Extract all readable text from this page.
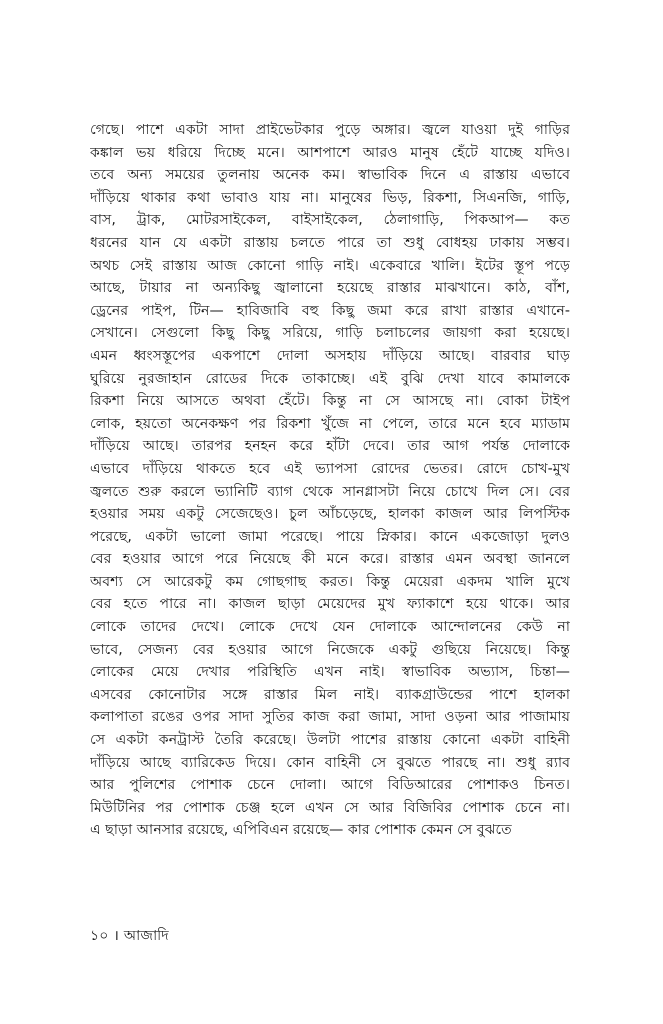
গেছে। পাশে একটা সাদা প্রাইভেটকার পুড়ে অঙ্গার। জ্বলে যাওয়া দুই গাড়ির
কঙ্কাল ভয় ধরিয়ে দিচ্ছে মনে। আশপাশে আরও মানুষ হেঁটে যাচ্ছে যদিও।
তবে অন্য সময়ের তুলনায় অনেক কম। স্বাভাবিক দিনে এ রাস্তায় এভাবে
দাঁড়িয়ে থাকার কথা ভাবাও যায় না। মানুষের ভিড়, রিকশা, সিএনজি, গাড়ি,
বাস, ট্রাক, মোটরসাইকেল, বাইসাইকেল, ঠেলাগাড়ি, পিকআপ— কত
ধরনের যান যে একটা রাস্তায় চলতে পারে তা শুধু বোধহয় ঢাকায় সম্ভব।
অথচ সেই রাস্তায় আজ কোনো গাড়ি নাই। একেবারে খালি। ইটের স্তূপ পড়ে
আছে, টায়ার না অন্যকিছু জ্বালানো হয়েছে রাস্তার মাঝখানে। কাঠ, বাঁশ,
ড্রেনের পাইপ, টিন— হাবিজাবি বহু কিছু জমা করে রাখা রাস্তার এখানে-
সেখানে। সেগুলো কিছু কিছু সরিয়ে, গাড়ি চলাচলের জায়গা করা হয়েছে।
এমন ধ্বংসস্তূপের একপাশে দোলা অসহায় দাঁড়িয়ে আছে। বারবার ঘাড়
ঘুরিয়ে নুরজাহান রোডের দিকে তাকাচ্ছে। এই বুঝি দেখা যাবে কামালকে
রিকশা নিয়ে আসতে অথবা হেঁটে। কিন্তু না সে আসছে না। বোকা টাইপ
লোক, হয়তো অনেকক্ষণ পর রিকশা খুঁজে না পেলে, তারে মনে হবে ম্যাডাম
দাঁড়িয়ে আছে। তারপর হনহন করে হাঁটা দেবে। তার আগ পর্যন্ত দোলাকে
এভাবে দাঁড়িয়ে থাকতে হবে এই ভ্যাপসা রোদের ভেতর। রোদে চোখ-মুখ
জ্বলতে শুরু করলে ভ্যানিটি ব্যাগ থেকে সানগ্লাসটা নিয়ে চোখে দিল সে। বের
হওয়ার সময় একটু সেজেছেও। চুল আঁচড়েছে, হালকা কাজল আর লিপস্টিক
পরেছে, একটা ভালো জামা পরেছে। পায়ে স্নিকার। কানে একজোড়া দুলও
বের হওয়ার আগে পরে নিয়েছে কী মনে করে। রাস্তার এমন অবস্থা জানলে
অবশ্য সে আরেকটু কম গোছগাছ করত। কিন্তু মেয়েরা একদম খালি মুখে
বের হতে পারে না। কাজল ছাড়া মেয়েদের মুখ ফ্যাকাশে হয়ে থাকে। আর
লোকে তাদের দেখে। লোকে দেখে যেন দোলাকে আন্দোলনের কেউ না
ভাবে, সেজন্য বের হওয়ার আগে নিজেকে একটু গুছিয়ে নিয়েছে। কিন্তু
লোকের মেয়ে দেখার পরিস্থিতি এখন নাই। স্বাভাবিক অভ্যাস, চিন্তা—
এসবের কোনোটার সঙ্গে রাস্তার মিল নাই। ব্যাকগ্রাউন্ডের পাশে হালকা
কলাপাতা রঙের ওপর সাদা সুতির কাজ করা জামা, সাদা ওড়না আর পাজামায়
সে একটা কনট্রাস্ট তৈরি করেছে। উলটা পাশের রাস্তায় কোনো একটা বাহিনী
দাঁড়িয়ে আছে ব্যারিকেড দিয়ে। কোন বাহিনী সে বুঝতে পারছে না। শুধু র‍্যাব
আর পুলিশের পোশাক চেনে দোলা। আগে বিডিআরের পোশাকও চিনত।
মিউটিনির পর পোশাক চেঞ্জ হলে এখন সে আর বিজিবির পোশাক চেনে না।
এ ছাড়া আনসার রয়েছে, এপিবিএন রয়েছে— কার পোশাক কেমন সে বুঝতে
১০ । আজাদি
